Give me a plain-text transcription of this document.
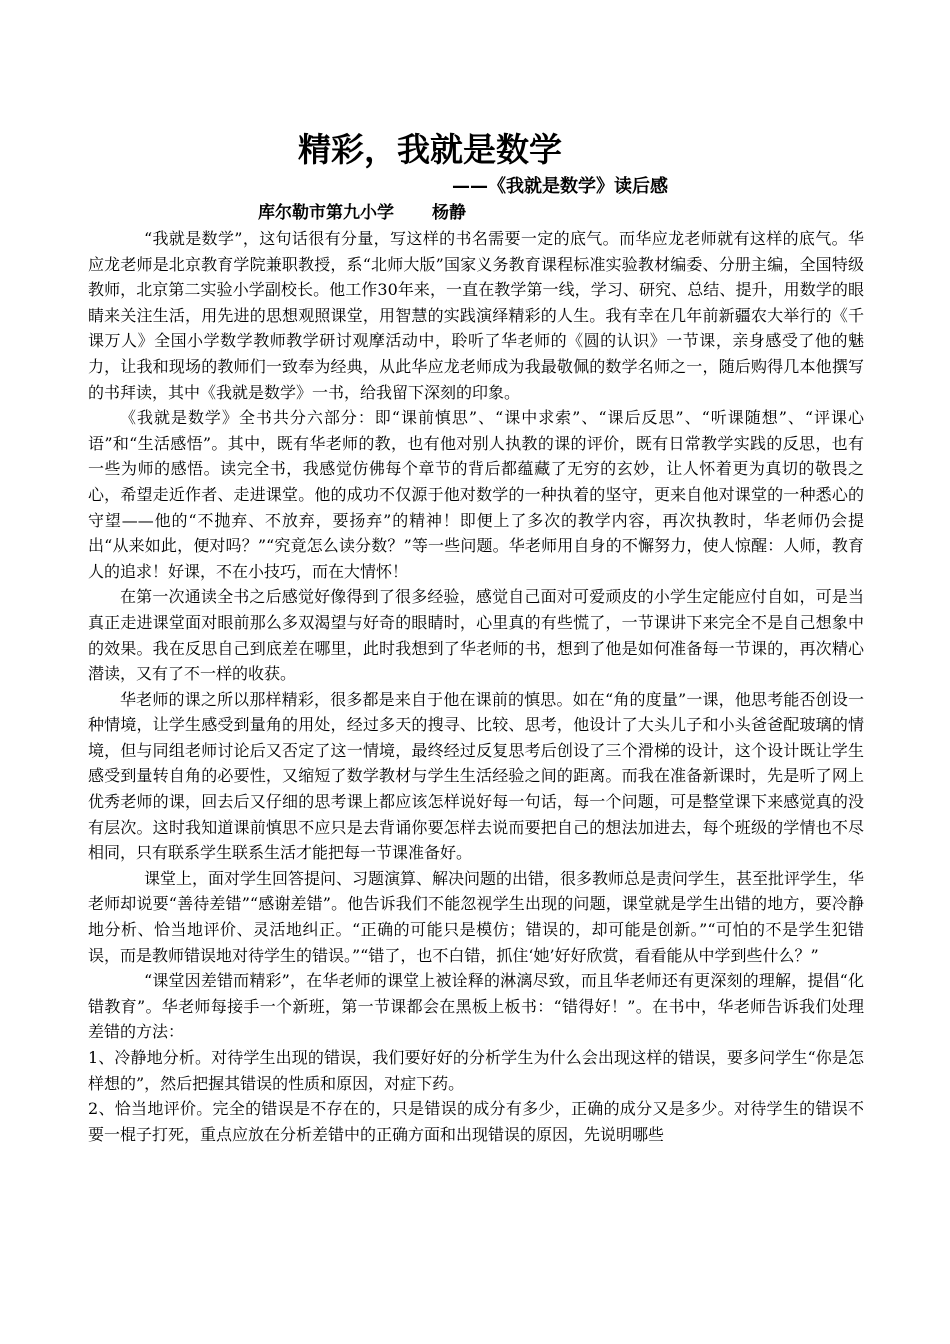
精彩，我就是数学
——《我就是数学》读后感
库尔勒市第九小学 杨静

“我就是数学”，这句话很有分量，写这样的书名需要一定的底气。而华应龙老师就有这样的底气。华应龙老师是北京教育学院兼职教授，系“北师大版”国家义务教育课程标准实验教材编委、分册主编，全国特级教师，北京第二实验小学副校长。他工作30年来，一直在教学第一线，学习、研究、总结、提升，用数学的眼睛来关注生活，用先进的思想观照课堂，用智慧的实践演绎精彩的人生。我有幸在几年前新疆农大举行的《千课万人》全国小学数学教师教学研讨观摩活动中，聆听了华老师的《圆的认识》一节课，亲身感受了他的魅力，让我和现场的教师们一致奉为经典，从此华应龙老师成为我最敬佩的数学名师之一，随后购得几本他撰写的书拜读，其中《我就是数学》一书，给我留下深刻的印象。

《我就是数学》全书共分六部分：即“课前慎思”、“课中求索”、“课后反思”、“听课随想”、“评课心语”和“生活感悟”。其中，既有华老师的教，也有他对别人执教的课的评价，既有日常教学实践的反思，也有一些为师的感悟。读完全书，我感觉仿佛每个章节的背后都蕴藏了无穷的玄妙，让人怀着更为真切的敬畏之心，希望走近作者、走进课堂。他的成功不仅源于他对数学的一种执着的坚守，更来自他对课堂的一种悉心的守望——他的“不抛弃、不放弃，要扬弃”的精神！即便上了多次的教学内容，再次执教时，华老师仍会提出“从来如此，便对吗？”“究竟怎么读分数？”等一些问题。华老师用自身的不懈努力，使人惊醒：人师，教育人的追求！好课，不在小技巧，而在大情怀！

在第一次通读全书之后感觉好像得到了很多经验，感觉自己面对可爱顽皮的小学生定能应付自如，可是当真正走进课堂面对眼前那么多双渴望与好奇的眼睛时，心里真的有些慌了，一节课讲下来完全不是自己想象中的效果。我在反思自己到底差在哪里，此时我想到了华老师的书，想到了他是如何准备每一节课的，再次精心潜读，又有了不一样的收获。

华老师的课之所以那样精彩，很多都是来自于他在课前的慎思。如在“角的度量”一课，他思考能否创设一种情境，让学生感受到量角的用处，经过多天的搜寻、比较、思考，他设计了大头儿子和小头爸爸配玻璃的情境，但与同组老师讨论后又否定了这一情境，最终经过反复思考后创设了三个滑梯的设计，这个设计既让学生感受到量转自角的必要性，又缩短了数学教材与学生生活经验之间的距离。而我在准备新课时，先是听了网上优秀老师的课，回去后又仔细的思考课上都应该怎样说好每一句话，每一个问题，可是整堂课下来感觉真的没有层次。这时我知道课前慎思不应只是去背诵你要怎样去说而要把自己的想法加进去，每个班级的学情也不尽相同，只有联系学生联系生活才能把每一节课准备好。

课堂上，面对学生回答提问、习题演算、解决问题的出错，很多教师总是责问学生，甚至批评学生，华老师却说要“善待差错”“感谢差错”。他告诉我们不能忽视学生出现的问题，课堂就是学生出错的地方，要冷静地分析、恰当地评价、灵活地纠正。“正确的可能只是模仿；错误的，却可能是创新。”“可怕的不是学生犯错误，而是教师错误地对待学生的错误。”“错了，也不白错，抓住‘她’好好欣赏，看看能从中学到些什么？”

“课堂因差错而精彩”，在华老师的课堂上被诠释的淋漓尽致，而且华老师还有更深刻的理解，提倡“化错教育”。华老师每接手一个新班，第一节课都会在黑板上板书：“错得好！”。在书中，华老师告诉我们处理差错的方法：

1、冷静地分析。对待学生出现的错误，我们要好好的分析学生为什么会出现这样的错误，要多问学生“你是怎样想的”，然后把握其错误的性质和原因，对症下药。

2、恰当地评价。完全的错误是不存在的，只是错误的成分有多少，正确的成分又是多少。对待学生的错误不要一棍子打死，重点应放在分析差错中的正确方面和出现错误的原因，先说明哪些
